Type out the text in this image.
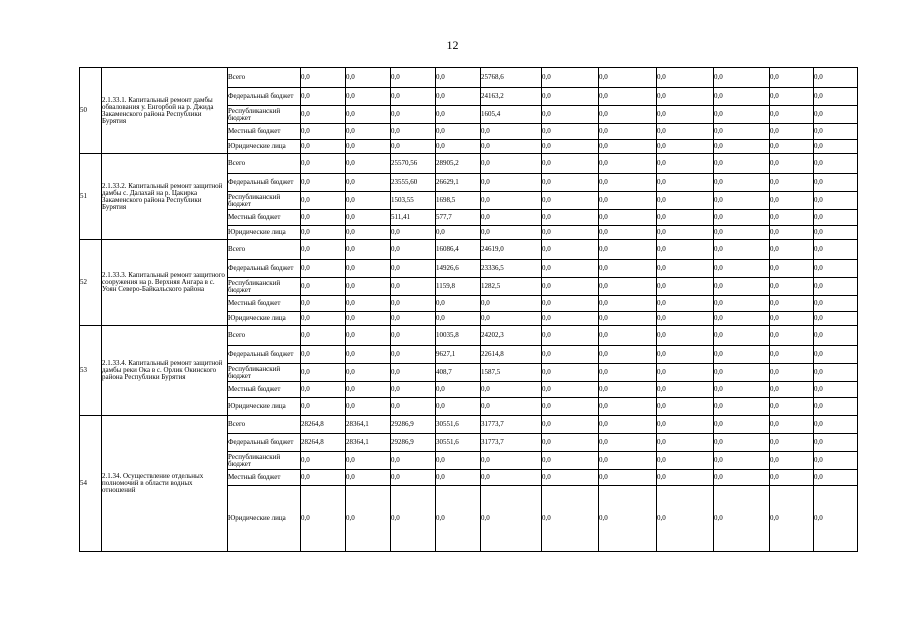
12
50	2.1.33.1. Капитальный ремонт дамбы обвалования у. Енгорбой на р. Джида Закаменского района Республики Бурятия	Всего	0,0	0,0	0,0	0,0	25768,6	0,0	0,0	0,0	0,0	0,0	0,0
		Федеральный бюджет	0,0	0,0	0,0	0,0	24163,2	0,0	0,0	0,0	0,0	0,0	0,0
		Республиканский бюджет	0,0	0,0	0,0	0,0	1605,4	0,0	0,0	0,0	0,0	0,0	0,0
		Местный бюджет	0,0	0,0	0,0	0,0	0,0	0,0	0,0	0,0	0,0	0,0	0,0
		Юридические лица	0,0	0,0	0,0	0,0	0,0	0,0	0,0	0,0	0,0	0,0	0,0
51	2.1.33.2. Капитальный ремонт защитной дамбы с. Далахай на р. Цакирка Закаменского района Республики Бурятия	Всего	0,0	0,0	25570,56	28905,2	0,0	0,0	0,0	0,0	0,0	0,0	0,0
		Федеральный бюджет	0,0	0,0	23555,60	26629,1	0,0	0,0	0,0	0,0	0,0	0,0	0,0
		Республиканский бюджет	0,0	0,0	1503,55	1698,5	0,0	0,0	0,0	0,0	0,0	0,0	0,0
		Местный бюджет	0,0	0,0	511,41	577,7	0,0	0,0	0,0	0,0	0,0	0,0	0,0
		Юридические лица	0,0	0,0	0,0	0,0	0,0	0,0	0,0	0,0	0,0	0,0	0,0
52	2.1.33.3. Капитальный ремонт защитного сооружения на р. Верхняя Ангара в с. Уоян Северо-Байкальского района	Всего	0,0	0,0	0,0	16086,4	24619,0	0,0	0,0	0,0	0,0	0,0	0,0
		Федеральный бюджет	0,0	0,0	0,0	14926,6	23336,5	0,0	0,0	0,0	0,0	0,0	0,0
		Республиканский бюджет	0,0	0,0	0,0	1159,8	1282,5	0,0	0,0	0,0	0,0	0,0	0,0
		Местный бюджет	0,0	0,0	0,0	0,0	0,0	0,0	0,0	0,0	0,0	0,0	0,0
		Юридические лица	0,0	0,0	0,0	0,0	0,0	0,0	0,0	0,0	0,0	0,0	0,0
53	2.1.33.4. Капитальный ремонт защитной дамбы реки Ока в с. Орлик Окинского района Республики Бурятия	Всего	0,0	0,0	0,0	10035,8	24202,3	0,0	0,0	0,0	0,0	0,0	0,0
		Федеральный бюджет	0,0	0,0	0,0	9627,1	22614,8	0,0	0,0	0,0	0,0	0,0	0,0
		Республиканский бюджет	0,0	0,0	0,0	408,7	1587,5	0,0	0,0	0,0	0,0	0,0	0,0
		Местный бюджет	0,0	0,0	0,0	0,0	0,0	0,0	0,0	0,0	0,0	0,0	0,0
		Юридические лица	0,0	0,0	0,0	0,0	0,0	0,0	0,0	0,0	0,0	0,0	0,0
54	2.1.34. Осуществление отдельных полномочий в области водных отношений	Всего	28264,8	28364,1	29286,9	30551,6	31773,7	0,0	0,0	0,0	0,0	0,0	0,0
		Федеральный бюджет	28264,8	28364,1	29286,9	30551,6	31773,7	0,0	0,0	0,0	0,0	0,0	0,0
		Республиканский бюджет	0,0	0,0	0,0	0,0	0,0	0,0	0,0	0,0	0,0	0,0	0,0
		Местный бюджет	0,0	0,0	0,0	0,0	0,0	0,0	0,0	0,0	0,0	0,0	0,0
		Юридические лица	0,0	0,0	0,0	0,0	0,0	0,0	0,0	0,0	0,0	0,0	0,0
